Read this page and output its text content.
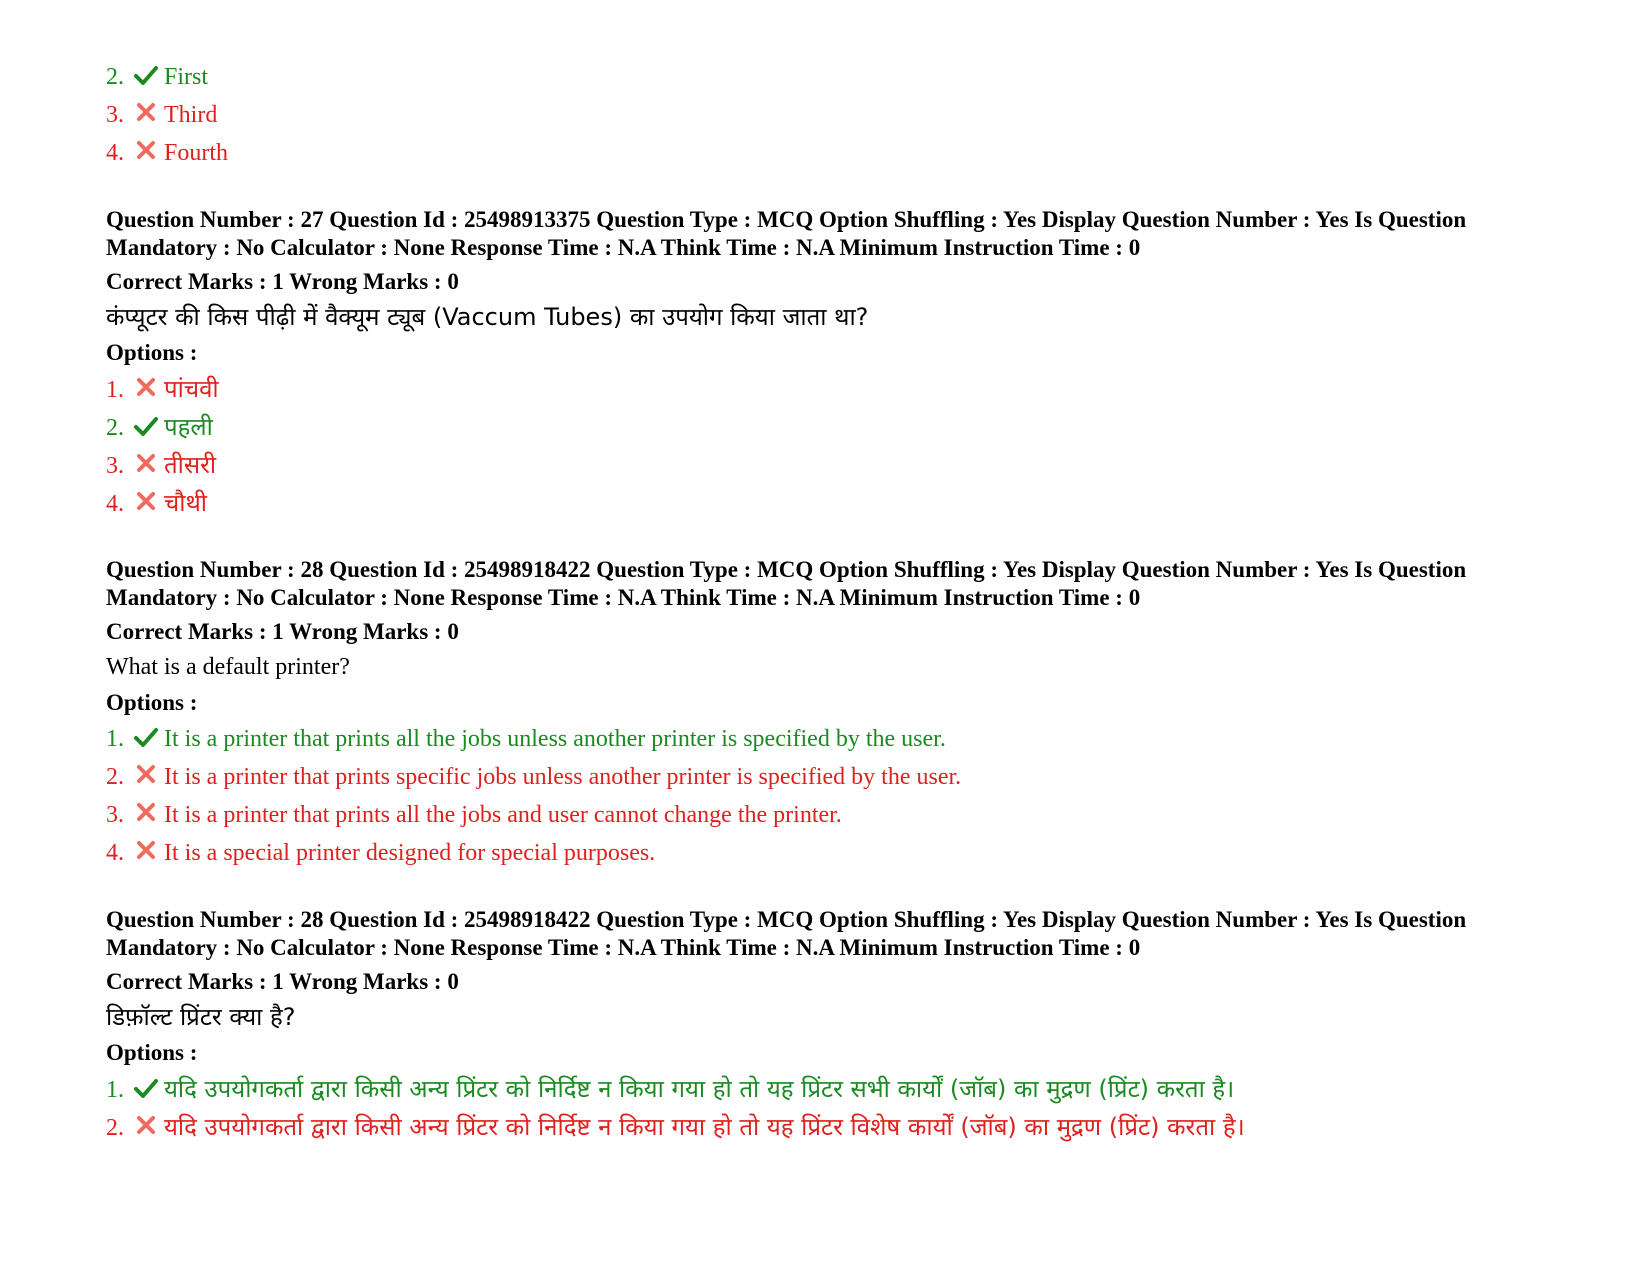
2.	First
3.	Third
4.	Fourth
Question Number : 27 Question Id : 25498913375 Question Type : MCQ Option Shuffling : Yes Display Question Number : Yes Is Question Mandatory : No Calculator : None Response Time : N.A Think Time : N.A Minimum Instruction Time : 0
Correct Marks : 1 Wrong Marks : 0
कंप्यूटर की किस पीढ़ी में वैक्यूम ट्यूब (Vaccum Tubes) का उपयोग किया जाता था?
Options :
1.	पांचवी
2.	पहली
3.	तीसरी
4.	चौथी
Question Number : 28 Question Id : 25498918422 Question Type : MCQ Option Shuffling : Yes Display Question Number : Yes Is Question Mandatory : No Calculator : None Response Time : N.A Think Time : N.A Minimum Instruction Time : 0
Correct Marks : 1 Wrong Marks : 0
What is a default printer?
Options :
1.	It is a printer that prints all the jobs unless another printer is specified by the user.
2.	It is a printer that prints specific jobs unless another printer is specified by the user.
3.	It is a printer that prints all the jobs and user cannot change the printer.
4.	It is a special printer designed for special purposes.
Question Number : 28 Question Id : 25498918422 Question Type : MCQ Option Shuffling : Yes Display Question Number : Yes Is Question Mandatory : No Calculator : None Response Time : N.A Think Time : N.A Minimum Instruction Time : 0
Correct Marks : 1 Wrong Marks : 0
डिफ़ॉल्ट प्रिंटर क्या है?
Options :
1.	यदि उपयोगकर्ता द्वारा किसी अन्य प्रिंटर को निर्दिष्ट न किया गया हो तो यह प्रिंटर सभी कार्यों (जॉब) का मुद्रण (प्रिंट) करता है।
2.	यदि उपयोगकर्ता द्वारा किसी अन्य प्रिंटर को निर्दिष्ट न किया गया हो तो यह प्रिंटर विशेष कार्यों (जॉब) का मुद्रण (प्रिंट) करता है।
